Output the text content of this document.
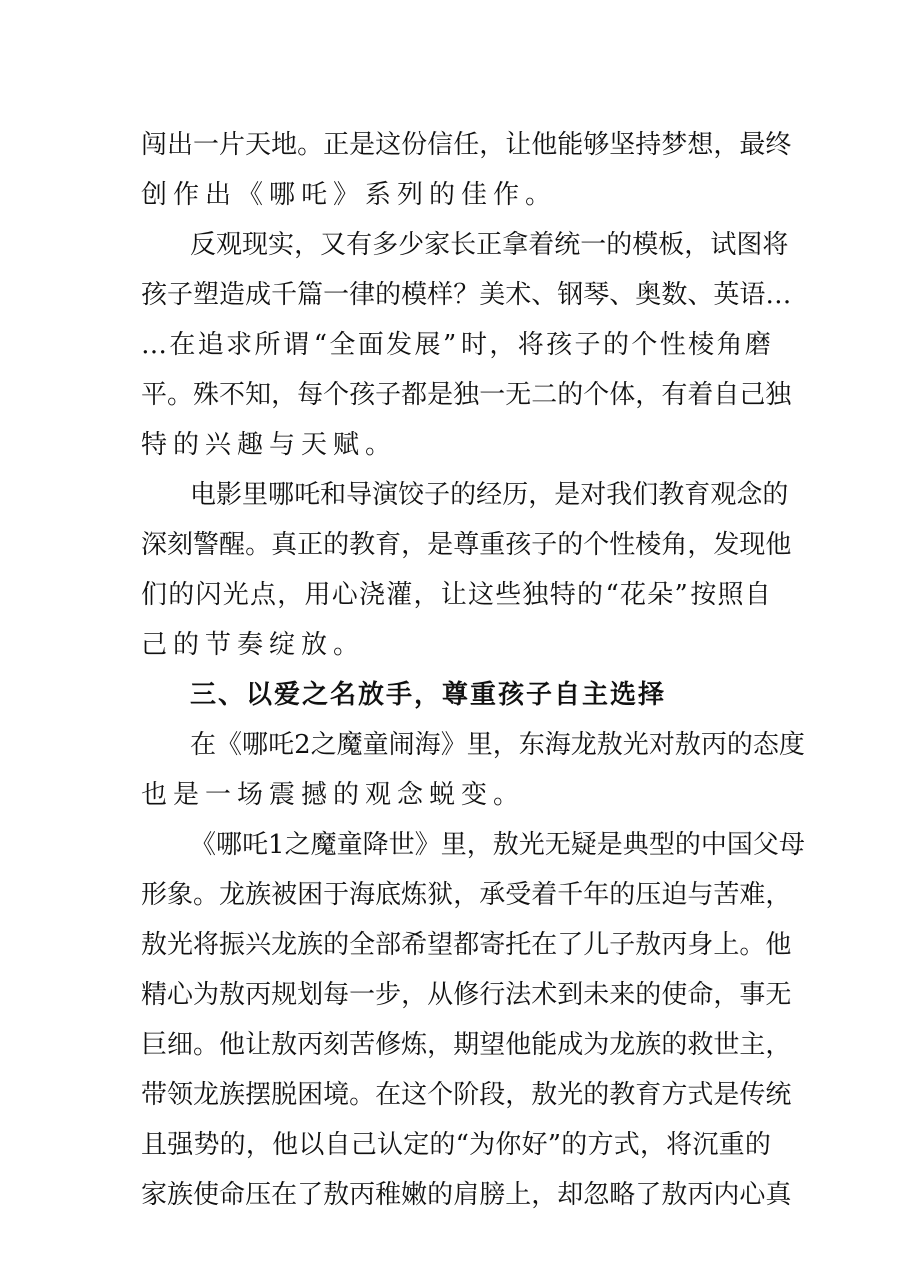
闯 出 一 片 天 地 。 正 是 这 份 信 任 ， 让 他 能 够 坚 持 梦 想 ， 最 终
创作出《哪吒》系列的佳作。
反 观 现 实 ， 又 有 多 少 家 长 正 拿 着 统 一 的 模 板 ， 试 图 将
孩 子 塑 造 成 千 篇 一 律 的 模 样 ？ 美 术 、 钢 琴 、 奥 数 、 英 语 …
… 在 追 求 所 谓 “ 全 面 发 展 ” 时 ， 将 孩 子 的 个 性 棱 角 磨
平 。 殊 不 知 ， 每 个 孩 子 都 是 独 一 无 二 的 个 体 ， 有 着 自 己 独
特的兴趣与天赋。
电 影 里 哪 吒 和 导 演 饺 子 的 经 历 ， 是 对 我 们 教 育 观 念 的
深 刻 警 醒 。 真 正 的 教 育 ， 是 尊 重 孩 子 的 个 性 棱 角 ， 发 现 他
们 的 闪 光 点 ， 用 心 浇 灌 ， 让 这 些 独 特 的 “ 花 朵 ” 按 照 自
己的节奏绽放。
三、以爱之名放手，尊重孩子自主选择
在 《 哪 吒 2 之 魔 童 闹 海 》 里 ， 东 海 龙 敖 光 对 敖 丙 的 态 度
也是一场震撼的观念蜕变。
《 哪 吒 1 之 魔 童 降 世 》 里 ， 敖 光 无 疑 是 典 型 的 中 国 父 母
形 象 。 龙 族 被 困 于 海 底 炼 狱 ， 承 受 着 千 年 的 压 迫 与 苦 难 ，
敖 光 将 振 兴 龙 族 的 全 部 希 望 都 寄 托 在 了 儿 子 敖 丙 身 上 。 他
精 心 为 敖 丙 规 划 每 一 步 ， 从 修 行 法 术 到 未 来 的 使 命 ， 事 无
巨 细 。 他 让 敖 丙 刻 苦 修 炼 ， 期 望 他 能 成 为 龙 族 的 救 世 主 ，
带 领 龙 族 摆 脱 困 境 。 在 这 个 阶 段 ， 敖 光 的 教 育 方 式 是 传 统
且 强 势 的 ， 他 以 自 己 认 定 的 “ 为 你 好 ” 的 方 式 ， 将 沉 重 的
家 族 使 命 压 在 了 敖 丙 稚 嫩 的 肩 膀 上 ， 却 忽 略 了 敖 丙 内 心 真
